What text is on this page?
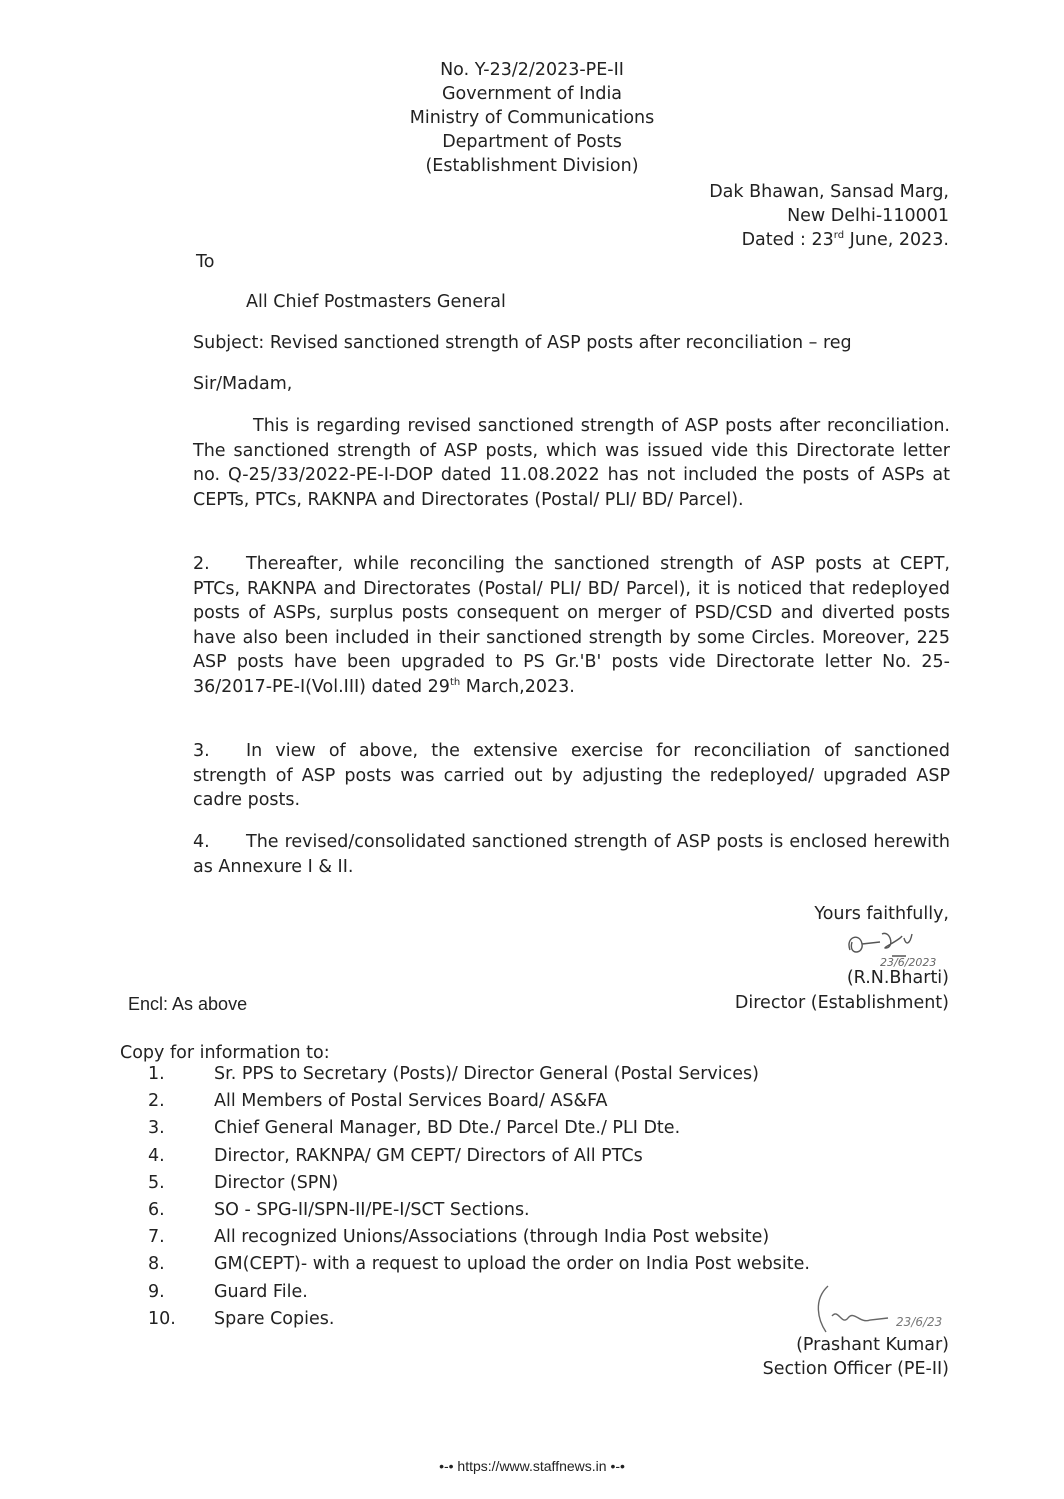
No. Y-23/2/2023-PE-II
Government of India
Ministry of Communications
Department of Posts
(Establishment Division)
Dak Bhawan, Sansad Marg,
New Delhi-110001
Dated : 23rd June, 2023.
To
All Chief Postmasters General
Subject: Revised sanctioned strength of ASP posts after reconciliation – reg
Sir/Madam,
This is regarding revised sanctioned strength of ASP posts after reconciliation. The sanctioned strength of ASP posts, which was issued vide this Directorate letter no. Q-25/33/2022-PE-I-DOP dated 11.08.2022 has not included the posts of ASPs at CEPTs, PTCs, RAKNPA and Directorates (Postal/ PLI/ BD/ Parcel).
2. Thereafter, while reconciling the sanctioned strength of ASP posts at CEPT, PTCs, RAKNPA and Directorates (Postal/ PLI/ BD/ Parcel), it is noticed that redeployed posts of ASPs, surplus posts consequent on merger of PSD/CSD and diverted posts have also been included in their sanctioned strength by some Circles. Moreover, 225 ASP posts have been upgraded to PS Gr.'B' posts vide Directorate letter No. 25-36/2017-PE-I(Vol.III) dated 29th March,2023.
3. In view of above, the extensive exercise for reconciliation of sanctioned strength of ASP posts was carried out by adjusting the redeployed/ upgraded ASP cadre posts.
4. The revised/consolidated sanctioned strength of ASP posts is enclosed herewith as Annexure I & II.
Yours faithfully,
23/6/2023
(R.N.Bharti)
Director (Establishment)
Encl: As above
Copy for information to:
1.	Sr. PPS to Secretary (Posts)/ Director General (Postal Services)
2.	All Members of Postal Services Board/ AS&FA
3.	Chief General Manager, BD Dte./ Parcel Dte./ PLI Dte.
4.	Director, RAKNPA/ GM CEPT/ Directors of All PTCs
5.	Director (SPN)
6.	SO - SPG-II/SPN-II/PE-I/SCT Sections.
7.	All recognized Unions/Associations (through India Post website)
8.	GM(CEPT)- with a request to upload the order on India Post website.
9.	Guard File.
10. Spare Copies.	23/6/23
(Prashant Kumar)
Section Officer (PE-II)
•-• https://www.staffnews.in •-•
